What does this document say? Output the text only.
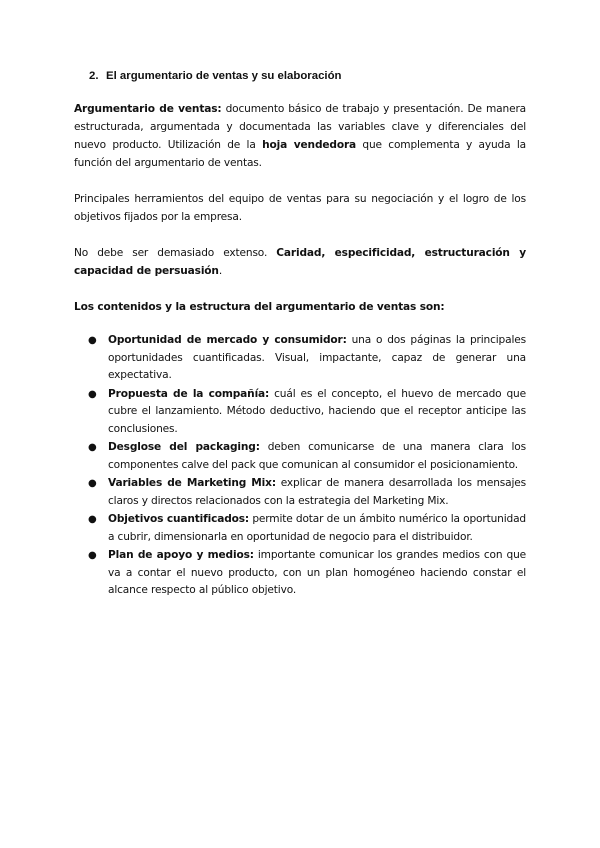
2. El argumentario de ventas y su elaboración
Argumentario de ventas: documento básico de trabajo y presentación. De manera estructurada, argumentada y documentada las variables clave y diferenciales del nuevo producto. Utilización de la hoja vendedora que complementa y ayuda la función del argumentario de ventas.
Principales herramientos del equipo de ventas para su negociación y el logro de los objetivos fijados por la empresa.
No debe ser demasiado extenso. Caridad, especificidad, estructuración y capacidad de persuasión.
Los contenidos y la estructura del argumentario de ventas son:
● Oportunidad de mercado y consumidor: una o dos páginas la principales oportunidades cuantificadas. Visual, impactante, capaz de generar una expectativa.
● Propuesta de la compañía: cuál es el concepto, el huevo de mercado que cubre el lanzamiento. Método deductivo, haciendo que el receptor anticipe las conclusiones.
● Desglose del packaging: deben comunicarse de una manera clara los componentes calve del pack que comunican al consumidor el posicionamiento.
● Variables de Marketing Mix: explicar de manera desarrollada los mensajes claros y directos relacionados con la estrategia del Marketing Mix.
● Objetivos cuantificados: permite dotar de un ámbito numérico la oportunidad a cubrir, dimensionarla en oportunidad de negocio para el distribuidor.
● Plan de apoyo y medios: importante comunicar los grandes medios con que va a contar el nuevo producto, con un plan homogéneo haciendo constar el alcance respecto al público objetivo.
